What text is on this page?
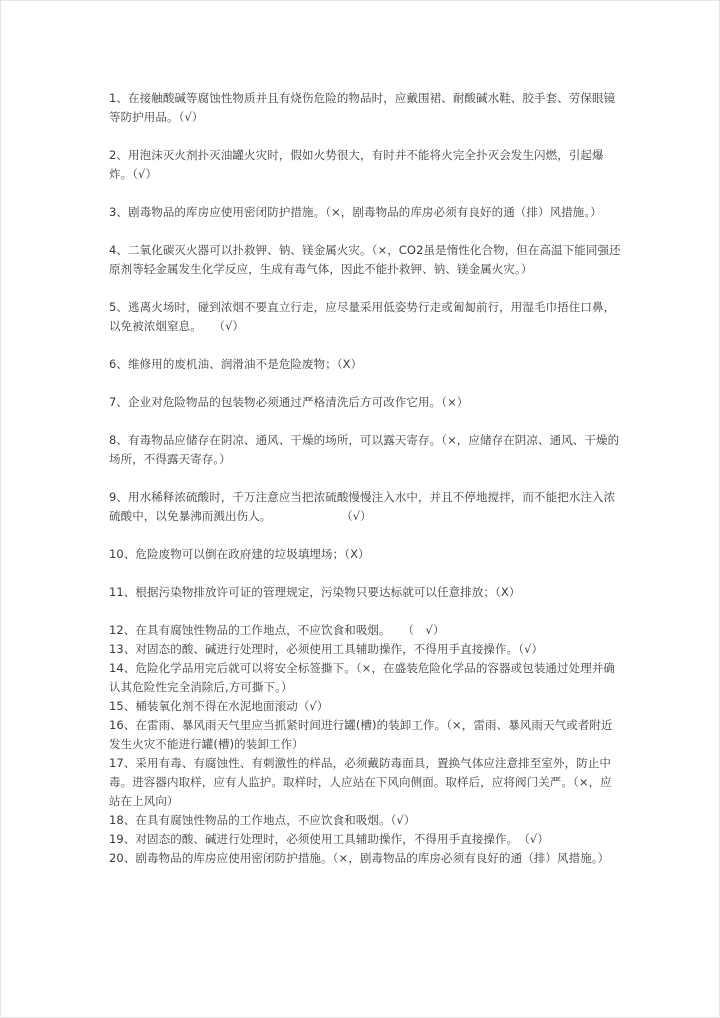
1、在接触酸碱等腐蚀性物质并且有烧伤危险的物品时，应戴围裙、耐酸碱水鞋、胶手套、劳保眼镜等防护用品。（√）

2、用泡沫灭火剂扑灭油罐火灾时，假如火势很大，有时并不能将火完全扑灭会发生闪燃，引起爆炸。（√）

3、剧毒物品的库房应使用密闭防护措施。（×，剧毒物品的库房必须有良好的通（排）风措施。）

4、二氧化碳灭火器可以扑救钾、钠、镁金属火灾。（×，CO2虽是惰性化合物，但在高温下能同强还原剂等轻金属发生化学反应，生成有毒气体，因此不能扑救钾、钠、镁金属火灾。）

5、逃离火场时，碰到浓烟不要直立行走，应尽量采用低姿势行走或匍匐前行，用湿毛巾捂住口鼻，以免被浓烟窒息。　　（√）

6、维修用的废机油、润滑油不是危险废物；（X）

7、企业对危险物品的包装物必须通过严格清洗后方可改作它用。（×）

8、有毒物品应储存在阴凉、通风、干燥的场所，可以露天寄存。（×，应储存在阴凉、通风、干燥的场所，不得露天寄存。）

9、用水稀释浓硫酸时，千万注意应当把浓硫酸慢慢注入水中，并且不停地搅拌，而不能把水注入浓硫酸中，以免暴沸而溅出伤人。　　　　　　　（√）

10、危险废物可以倒在政府建的垃圾填埋场；（X）

11、根据污染物排放许可证的管理规定，污染物只要达标就可以任意排放；（X）

12、在具有腐蚀性物品的工作地点，不应饮食和吸烟。　　（　√）

13、对固态的酸、碱进行处理时，必须使用工具辅助操作，不得用手直接操作。（√）

14、危险化学品用完后就可以将安全标签撕下。（×，在盛装危险化学品的容器或包装通过处理并确认其危险性完全消除后,方可撕下。）

15、桶装氧化剂不得在水泥地面滚动（√）

16、在雷雨、暴风雨天气里应当抓紧时间进行罐(槽)的装卸工作。（×，雷雨、暴风雨天气或者附近发生火灾不能进行罐(槽)的装卸工作）

17、采用有毒、有腐蚀性、有刺激性的样品，必须戴防毒面具，置换气体应注意排至室外，防止中毒。进容器内取样，应有人监护。取样时，人应站在下风向侧面。取样后，应将阀门关严。（×，应站在上风向）

18、在具有腐蚀性物品的工作地点，不应饮食和吸烟。（√）

19、对固态的酸、碱进行处理时，必须使用工具辅助操作，不得用手直接操作。　（√）

20、剧毒物品的库房应使用密闭防护措施。（×，剧毒物品的库房必须有良好的通（排）风措施。）
